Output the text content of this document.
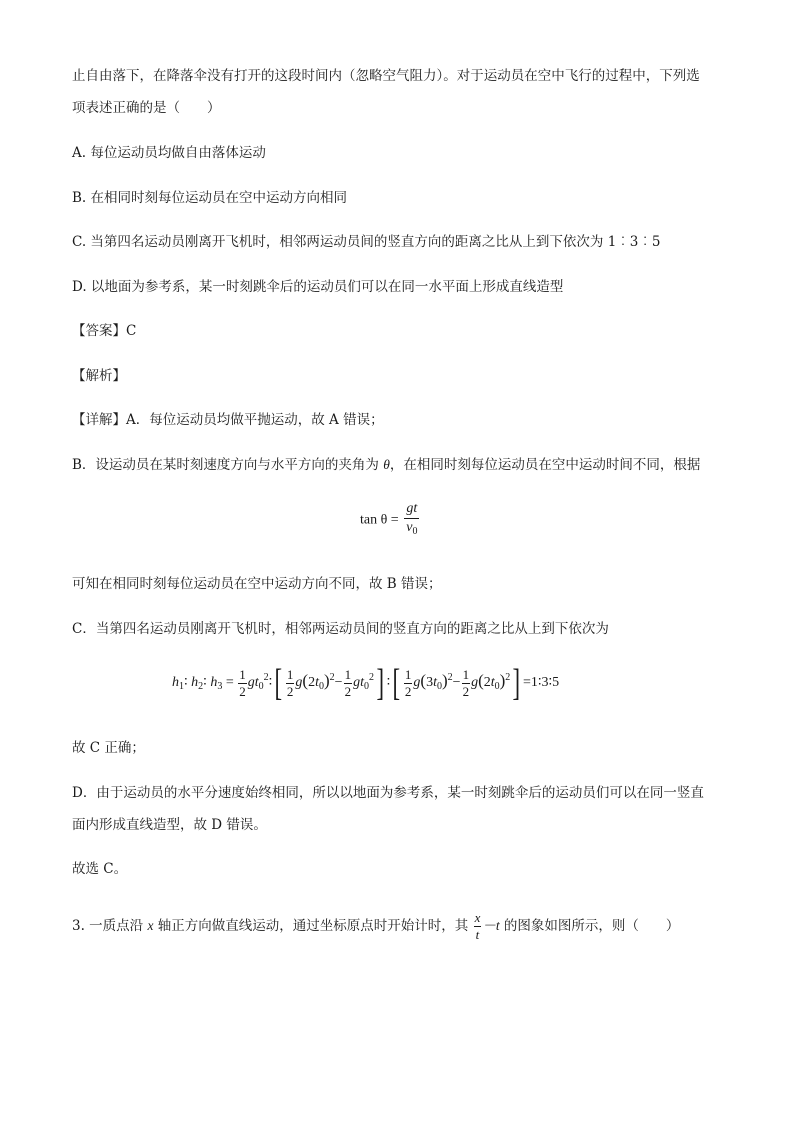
止自由落下，在降落伞没有打开的这段时间内（忽略空气阻力）。对于运动员在空中飞行的过程中，下列选
项表述正确的是（　　）
A. 每位运动员均做自由落体运动
B. 在相同时刻每位运动员在空中运动方向相同
C. 当第四名运动员刚离开飞机时，相邻两运动员间的竖直方向的距离之比从上到下依次为 1︰3︰5
D. 以地面为参考系，某一时刻跳伞后的运动员们可以在同一水平面上形成直线造型
【答案】C
【解析】
【详解】A．每位运动员均做平抛运动，故 A 错误；
B．设运动员在某时刻速度方向与水平方向的夹角为 θ，在相同时刻每位运动员在空中运动时间不同，根据
$\tan \theta = \frac{gt}{v_0}$
可知在相同时刻每位运动员在空中运动方向不同，故 B 错误；
C．当第四名运动员刚离开飞机时，相邻两运动员间的竖直方向的距离之比从上到下依次为
$h_1∶$ $h_2∶$ $h_3 = \frac{1}{2}$ $gt_0^2∶[ \frac{1}{2} g(2t_0)^2- \frac{1}{2} gt_0^2]$ ∶[ $\frac{1}{2} g(3t_0)^2- \frac{1}{2} g(2t_0)^2$] =1∶3∶5
故 C 正确；
D．由于运动员的水平分速度始终相同，所以以地面为参考系，某一时刻跳伞后的运动员们可以在同一竖直
面内形成直线造型，故 D 错误。
故选 C。
3. 一质点沿 x 轴正方向做直线运动，通过坐标原点时开始计时，其 $\frac{x}{t} -t$ 的图象如图所示，则（　　）
